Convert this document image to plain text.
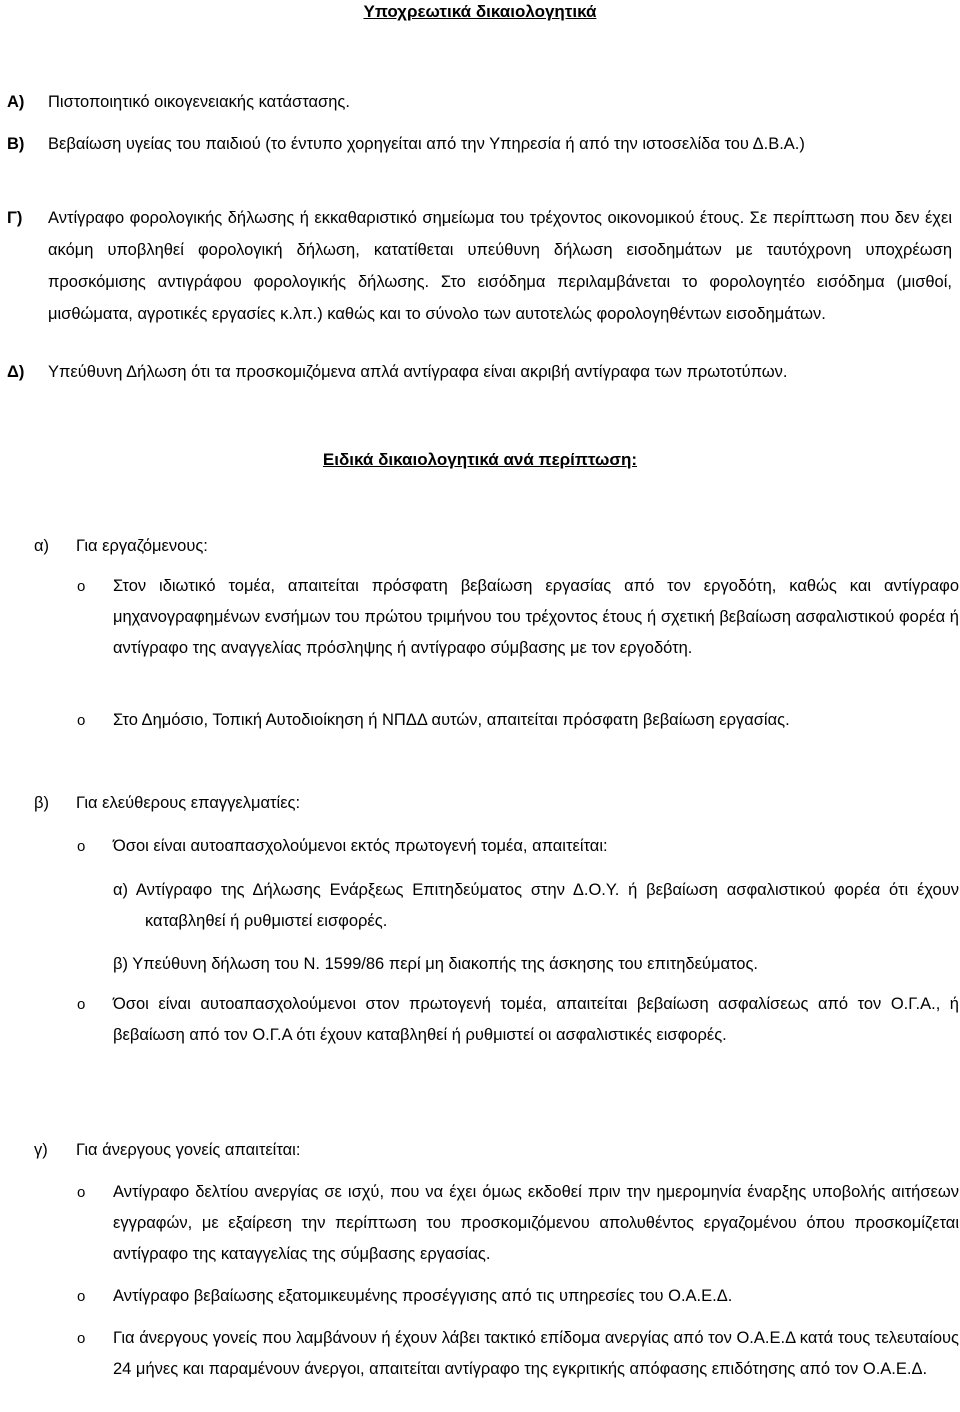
Υποχρεωτικά δικαιολογητικά
Α)	Πιστοποιητικό οικογενειακής κατάστασης.
Β)	Βεβαίωση υγείας του παιδιού (το έντυπο χορηγείται από την Υπηρεσία ή από την ιστοσελίδα του Δ.Β.Α.)
Γ)	Αντίγραφο φορολογικής δήλωσης ή εκκαθαριστικό σημείωμα του τρέχοντος οικονομικού έτους. Σε περίπτωση που δεν έχει ακόμη υποβληθεί φορολογική δήλωση, κατατίθεται υπεύθυνη δήλωση εισοδημάτων με ταυτόχρονη υποχρέωση προσκόμισης αντιγράφου φορολογικής δήλωσης. Στο εισόδημα περιλαμβάνεται το φορολογητέο εισόδημα (μισθοί, μισθώματα, αγροτικές εργασίες κ.λπ.) καθώς και το σύνολο των αυτοτελώς φορολογηθέντων εισοδημάτων.
Δ)	Υπεύθυνη Δήλωση ότι τα προσκομιζόμενα απλά αντίγραφα είναι ακριβή αντίγραφα των πρωτοτύπων.
Ειδικά δικαιολογητικά ανά περίπτωση:
α)	Για εργαζόμενους:
o	Στον ιδιωτικό τομέα, απαιτείται πρόσφατη βεβαίωση εργασίας από τον εργοδότη, καθώς και αντίγραφο μηχανογραφημένων ενσήμων του πρώτου τριμήνου του τρέχοντος έτους ή σχετική βεβαίωση ασφαλιστικού φορέα ή αντίγραφο της αναγγελίας πρόσληψης ή αντίγραφο σύμβασης με τον εργοδότη.
o	Στο Δημόσιο, Τοπική Αυτοδιοίκηση ή ΝΠΔΔ αυτών, απαιτείται πρόσφατη βεβαίωση εργασίας.
β)	Για ελεύθερους επαγγελματίες:
o	Όσοι είναι αυτοαπασχολούμενοι εκτός πρωτογενή τομέα, απαιτείται:
α) Αντίγραφο της Δήλωσης Ενάρξεως Επιτηδεύματος στην Δ.Ο.Υ. ή βεβαίωση ασφαλιστικού φορέα ότι έχουν καταβληθεί ή ρυθμιστεί εισφορές.
β) Υπεύθυνη δήλωση του Ν. 1599/86 περί μη διακοπής της άσκησης του επιτηδεύματος.
o	Όσοι είναι αυτοαπασχολούμενοι στον πρωτογενή τομέα, απαιτείται βεβαίωση ασφαλίσεως από τον Ο.Γ.Α., ή βεβαίωση από τον Ο.Γ.Α ότι έχουν καταβληθεί ή ρυθμιστεί οι ασφαλιστικές εισφορές.
γ)	Για άνεργους γονείς απαιτείται:
o	Αντίγραφο δελτίου ανεργίας σε ισχύ, που να έχει όμως εκδοθεί πριν την ημερομηνία έναρξης υποβολής αιτήσεων εγγραφών, με εξαίρεση την περίπτωση του προσκομιζόμενου απολυθέντος εργαζομένου όπου προσκομίζεται αντίγραφο της καταγγελίας της σύμβασης εργασίας.
o	Αντίγραφο βεβαίωσης εξατομικευμένης προσέγγισης από τις υπηρεσίες του Ο.Α.Ε.Δ.
o	Για άνεργους γονείς που λαμβάνουν ή έχουν λάβει τακτικό επίδομα ανεργίας από τον Ο.Α.Ε.Δ κατά τους τελευταίους 24 μήνες και παραμένουν άνεργοι, απαιτείται αντίγραφο της εγκριτικής απόφασης επιδότησης από τον Ο.Α.Ε.Δ.
